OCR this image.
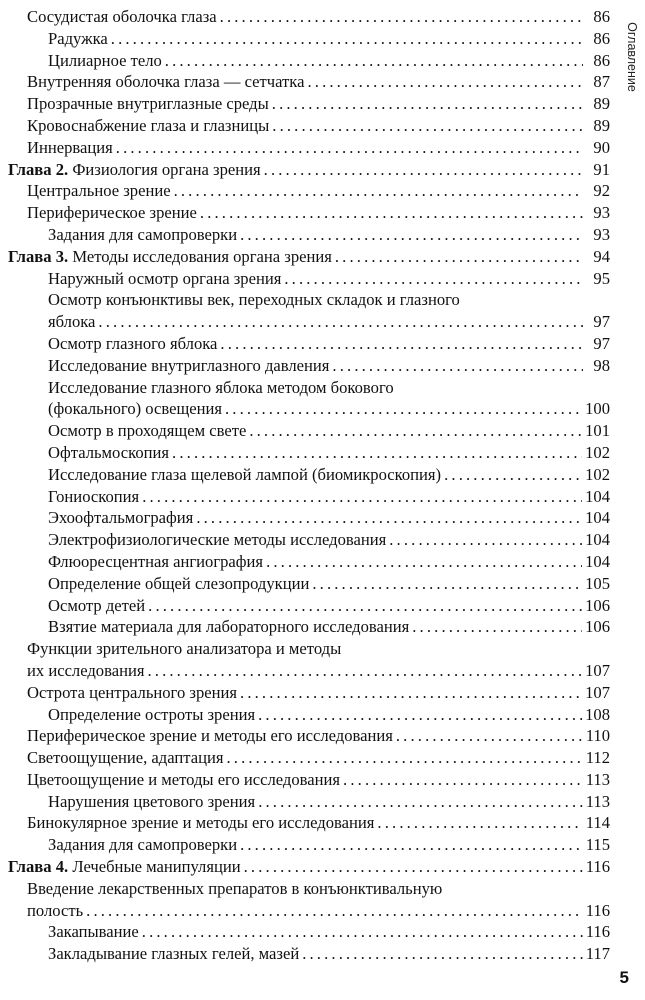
Сосудистая оболочка глаза . . .	86
Радужка . . .	86
Цилиарное тело . . .	86
Внутренняя оболочка глаза — сетчатка . . .	87
Прозрачные внутриглазные среды . . .	89
Кровоснабжение глаза и глазницы . . .	89
Иннервация . . .	90
Глава 2. Физиология органа зрения . . .	91
Центральное зрение . . .	92
Периферическое зрение . . .	93
Задания для самопроверки . . .	93
Глава 3. Методы исследования органа зрения . . .	94
Наружный осмотр органа зрения . . .	95
Осмотр конъюнктивы век, переходных складок и глазного
яблока . . .	97
Осмотр глазного яблока . . .	97
Исследование внутриглазного давления . . .	98
Исследование глазного яблока методом бокового
(фокального) освещения . . .	100
Осмотр в проходящем свете . . .	101
Офтальмоскопия . . .	102
Исследование глаза щелевой лампой (биомикроскопия) . . .	102
Гониоскопия . . .	104
Эхоофтальмография . . .	104
Электрофизиологические методы исследования . . .	104
Флюоресцентная ангиография . . .	104
Определение общей слезопродукции . . .	105
Осмотр детей . . .	106
Взятие материала для лабораторного исследования . . .	106
Функции зрительного анализатора и методы
их исследования . . .	107
Острота центрального зрения . . .	107
Определение остроты зрения . . .	108
Периферическое зрение и методы его исследования . . .	110
Светоощущение, адаптация . . .	112
Цветоощущение и методы его исследования . . .	113
Нарушения цветового зрения . . .	113
Бинокулярное зрение и методы его исследования . . .	114
Задания для самопроверки . . .	115
Глава 4. Лечебные манипуляции . . .	116
Введение лекарственных препаратов в конъюнктивальную
полость . . .	116
Закапывание . . .	116
Закладывание глазных гелей, мазей . . .	117
Оглавление
5
